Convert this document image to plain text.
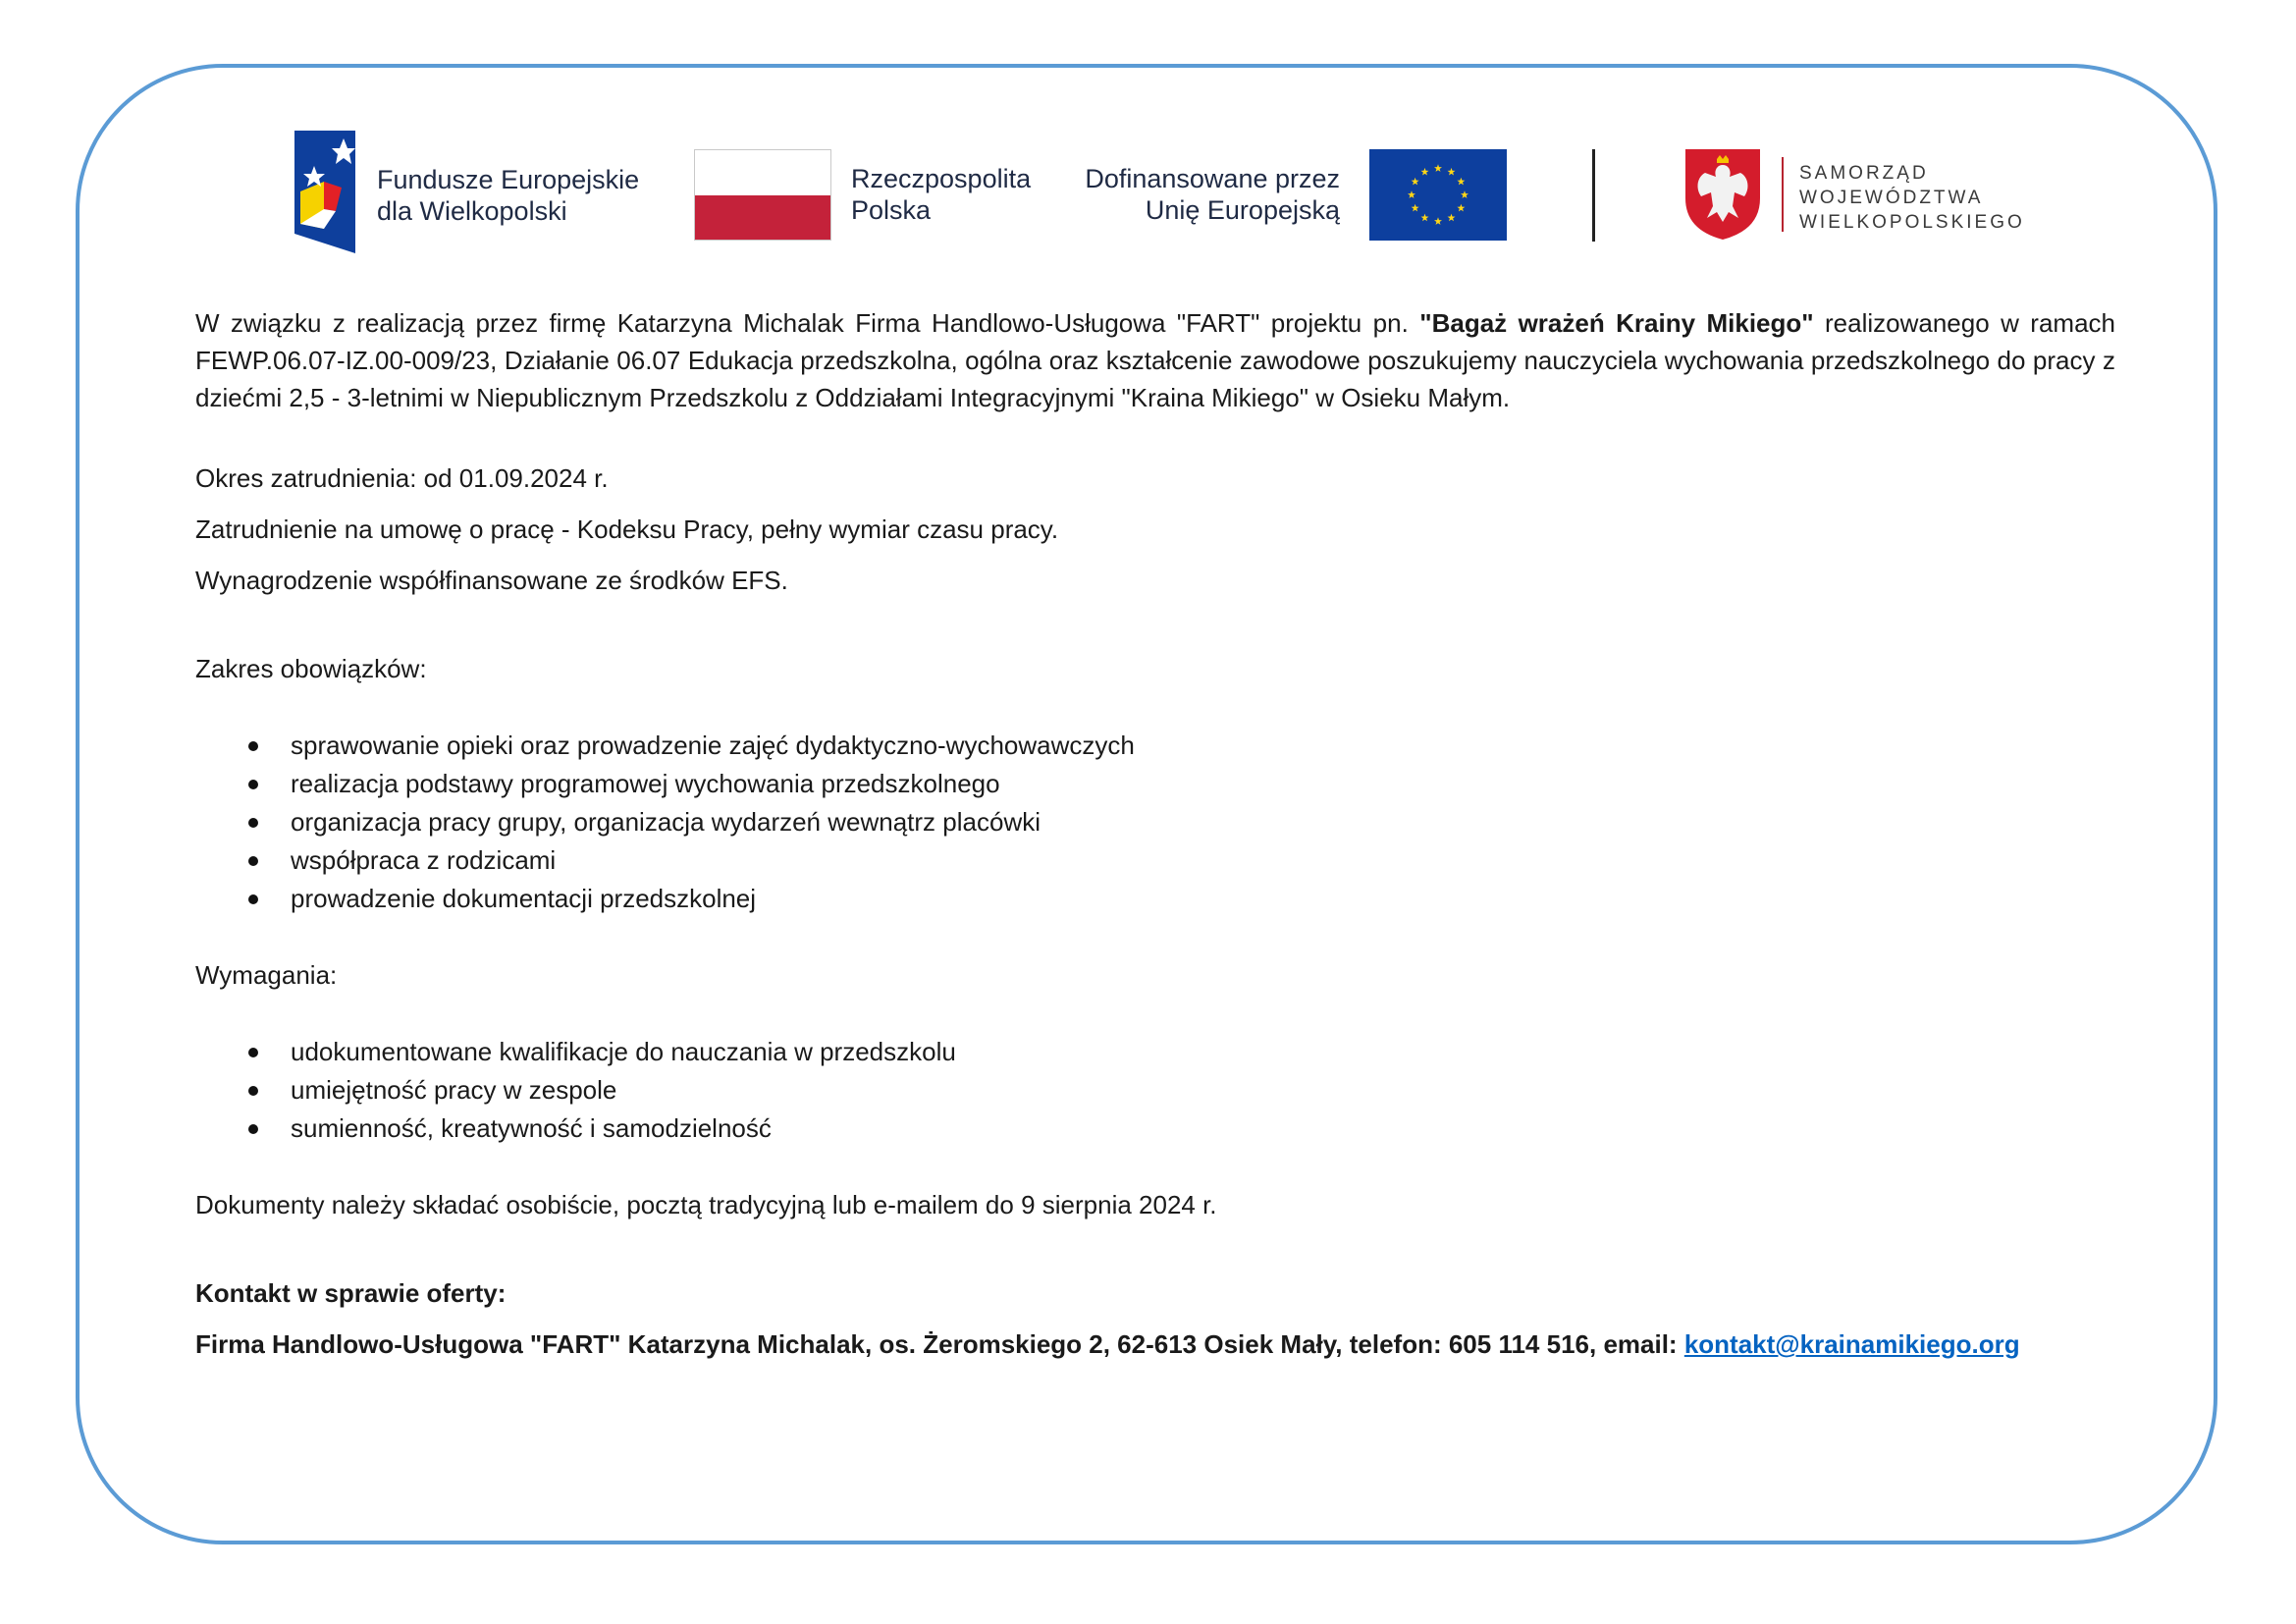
Fundusze Europejskie
dla Wielkopolski
Rzeczpospolita
Polska
Dofinansowane przez
Unię Europejską
SAMORZĄD
WOJEWÓDZTWA
WIELKOPOLSKIEGO

W związku z realizacją przez firmę Katarzyna Michalak Firma Handlowo-Usługowa "FART" projektu pn. "Bagaż wrażeń Krainy Mikiego" realizowanego w ramach FEWP.06.07-IZ.00-009/23, Działanie 06.07 Edukacja przedszkolna, ogólna oraz kształcenie zawodowe poszukujemy nauczyciela wychowania przedszkolnego do pracy z dziećmi 2,5 - 3-letnimi w Niepublicznym Przedszkolu z Oddziałami Integracyjnymi "Kraina Mikiego" w Osieku Małym.

Okres zatrudnienia: od 01.09.2024 r.

Zatrudnienie na umowę o pracę - Kodeksu Pracy, pełny wymiar czasu pracy.

Wynagrodzenie współfinansowane ze środków EFS.

Zakres obowiązków:

sprawowanie opieki oraz prowadzenie zajęć dydaktyczno-wychowawczych
realizacja podstawy programowej wychowania przedszkolnego
organizacja pracy grupy, organizacja wydarzeń wewnątrz placówki
współpraca z rodzicami
prowadzenie dokumentacji przedszkolnej

Wymagania:

udokumentowane kwalifikacje do nauczania w przedszkolu
umiejętność pracy w zespole
sumienność, kreatywność i samodzielność

Dokumenty należy składać osobiście, pocztą tradycyjną lub e-mailem do 9 sierpnia 2024 r.

Kontakt w sprawie oferty:

Firma Handlowo-Usługowa "FART" Katarzyna Michalak, os. Żeromskiego 2, 62-613 Osiek Mały, telefon: 605 114 516, email: kontakt@krainamikiego.org
